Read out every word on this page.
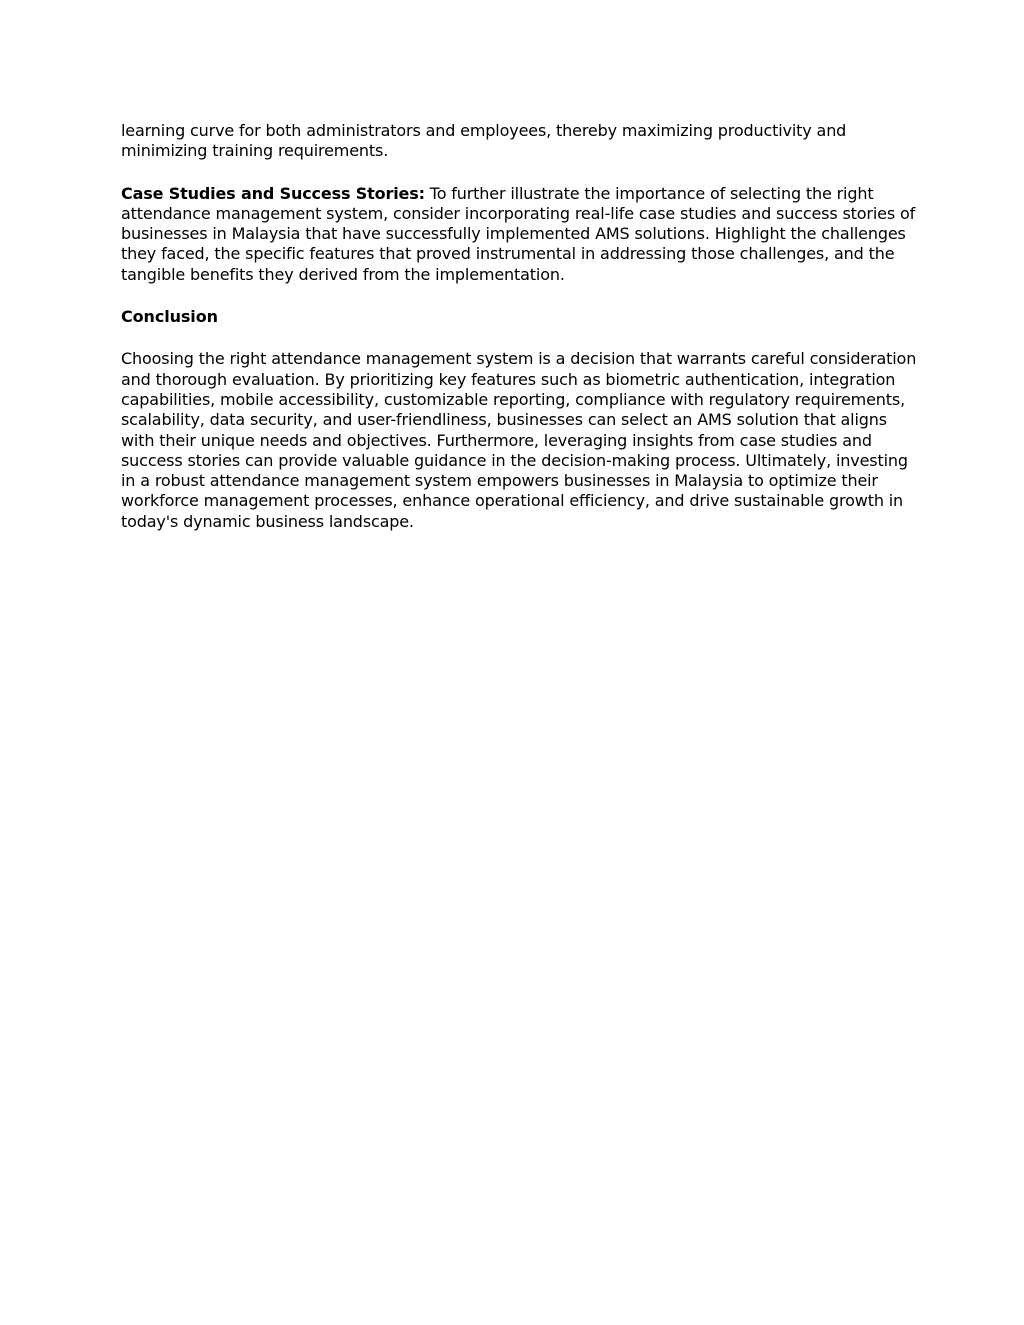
learning curve for both administrators and employees, thereby maximizing productivity and minimizing training requirements.

Case Studies and Success Stories: To further illustrate the importance of selecting the right attendance management system, consider incorporating real-life case studies and success stories of businesses in Malaysia that have successfully implemented AMS solutions. Highlight the challenges they faced, the specific features that proved instrumental in addressing those challenges, and the tangible benefits they derived from the implementation.

Conclusion

Choosing the right attendance management system is a decision that warrants careful consideration and thorough evaluation. By prioritizing key features such as biometric authentication, integration capabilities, mobile accessibility, customizable reporting, compliance with regulatory requirements, scalability, data security, and user-friendliness, businesses can select an AMS solution that aligns with their unique needs and objectives. Furthermore, leveraging insights from case studies and success stories can provide valuable guidance in the decision-making process. Ultimately, investing in a robust attendance management system empowers businesses in Malaysia to optimize their workforce management processes, enhance operational efficiency, and drive sustainable growth in today's dynamic business landscape.
